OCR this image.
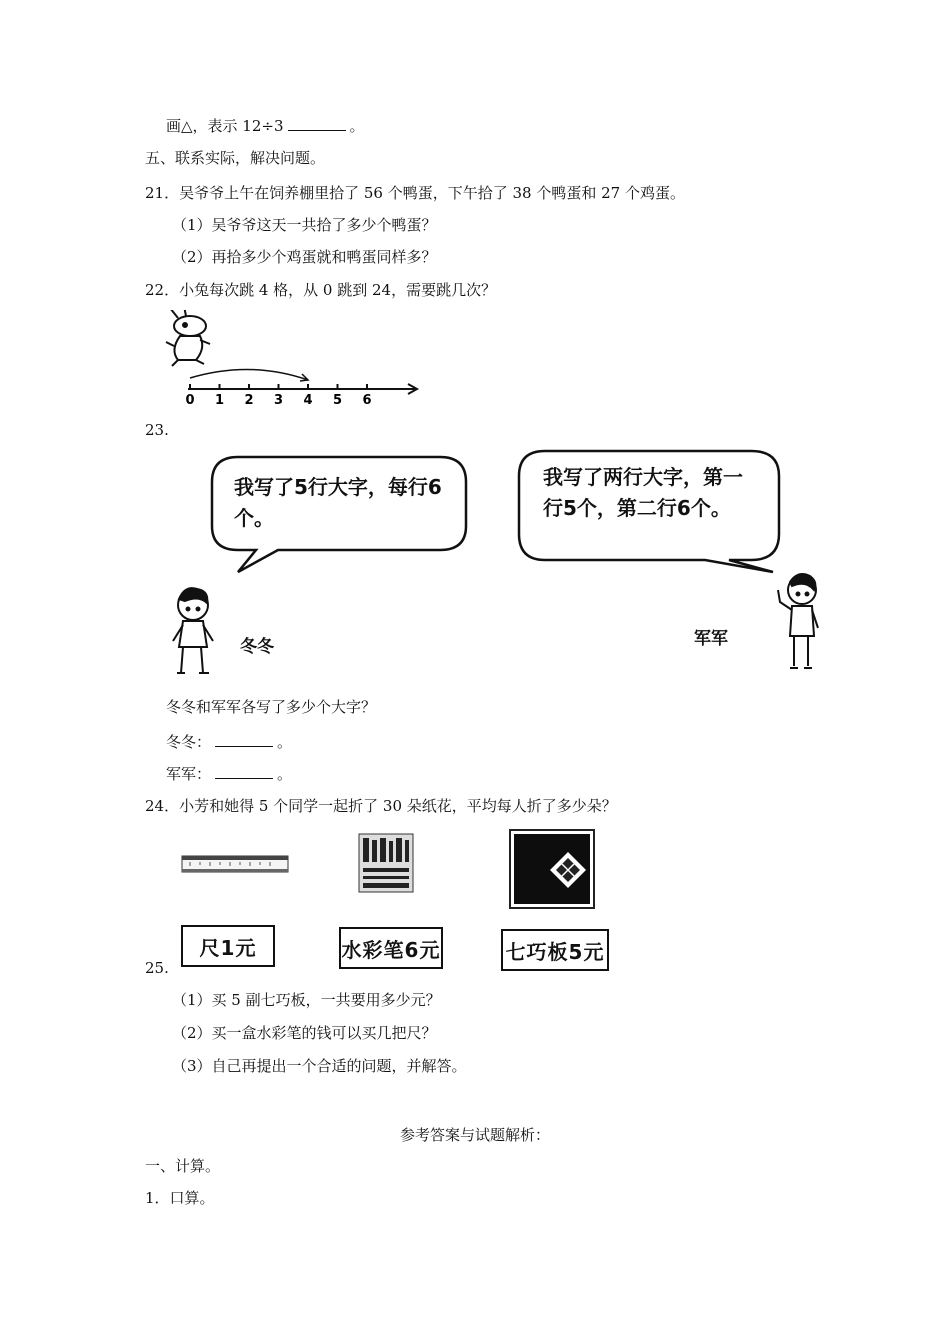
画△，表示 12÷3	。
五、联系实际，解决问题。
21．吴爷爷上午在饲养棚里拾了 56 个鸭蛋，下午拾了 38 个鸭蛋和 27 个鸡蛋。
（1）吴爷爷这天一共拾了多少个鸭蛋？
（2）再拾多少个鸡蛋就和鸭蛋同样多？
22．小兔每次跳 4 格，从 0 跳到 24，需要跳几次？
0 1 2 3 4 5 6
23.
我写了5行大字，每行6个。
我写了两行大字，第一行5个，第二行6个。
冬冬	军军
冬冬和军军各写了多少个大字？
冬冬：	。
军军：	。
24．小芳和她得 5 个同学一起折了 30 朵纸花，平均每人折了多少朵？
尺1元	水彩笔6元	七巧板5元
25.
（1）买 5 副七巧板，一共要用多少元？
（2）买一盒水彩笔的钱可以买几把尺？
（3）自己再提出一个合适的问题，并解答。
参考答案与试题解析：
一、计算。
1．口算。
